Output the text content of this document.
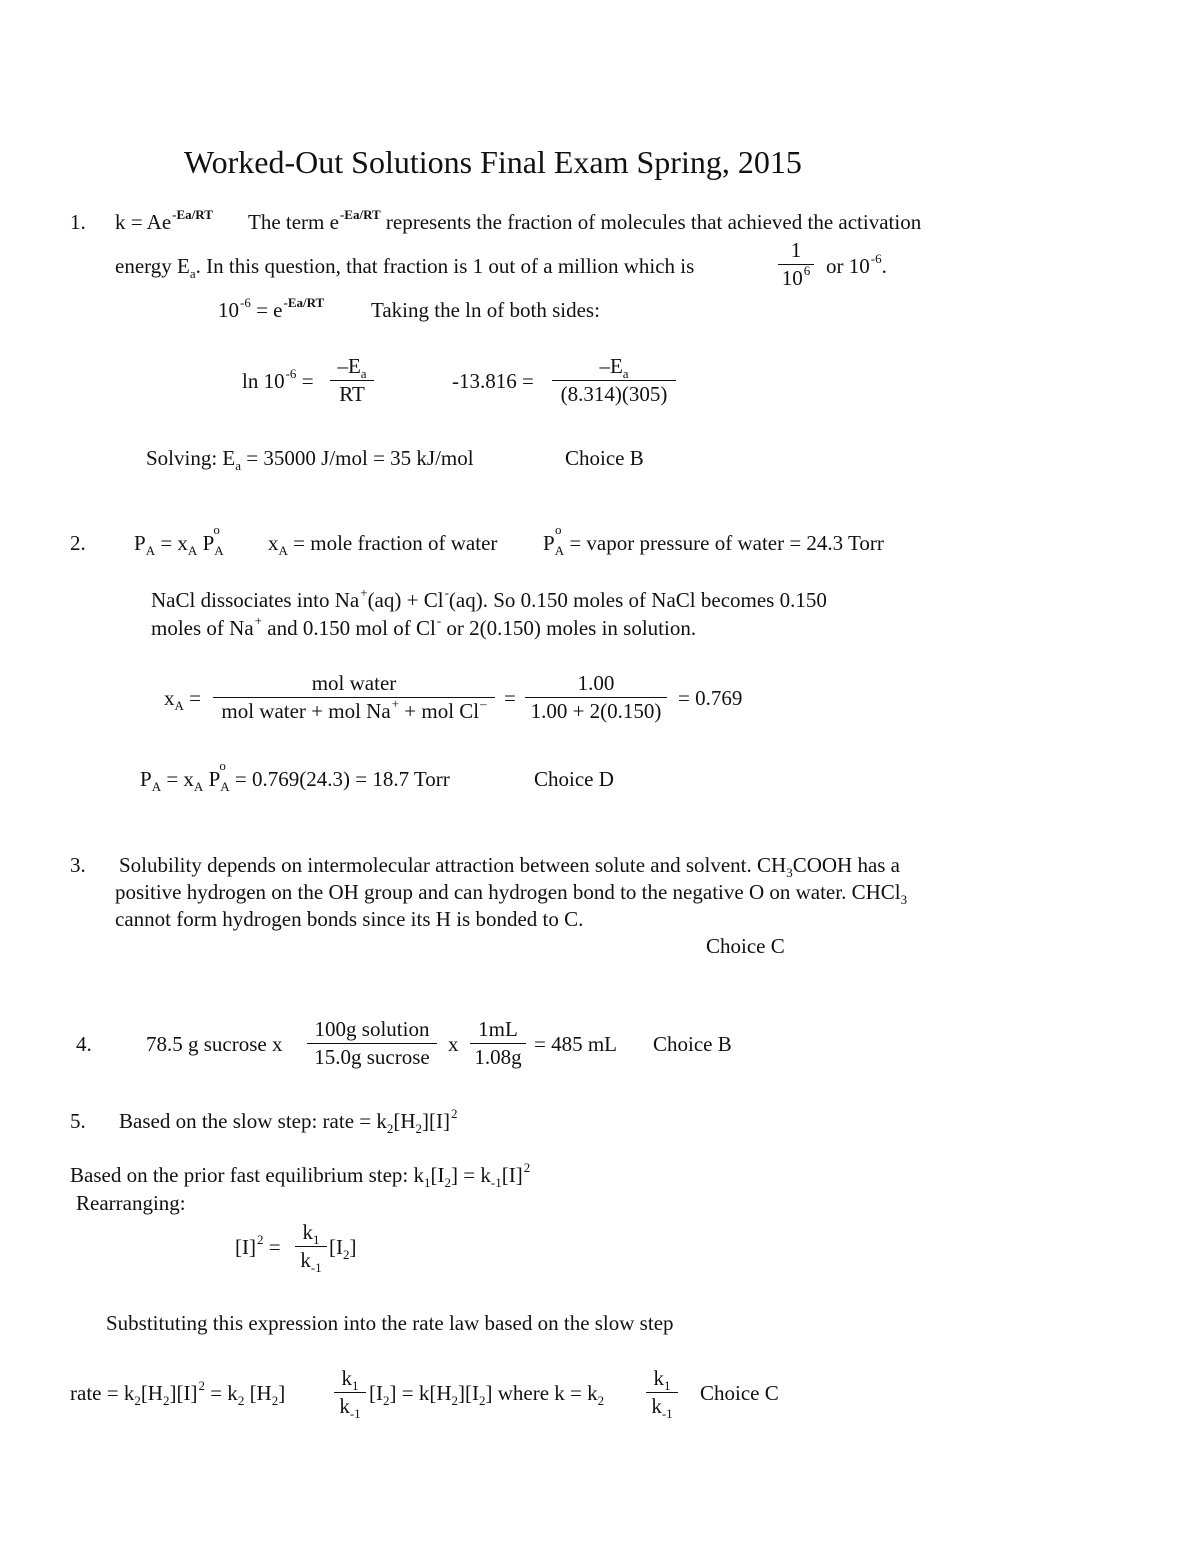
Worked-Out Solutions Final Exam Spring, 2015
1. $k = Ae^{-Ea/RT}$ The term $e^{-Ea/RT}$ represents the fraction of molecules that achieved the activation
energy $E_a$. In this question, that fraction is 1 out of a million which is	$\frac{1}{10^6}$ or $10^{-6}$.
$10^{-6} = e^{-Ea/RT}$ Taking the ln of both sides:
$\ln 10^{-6} = \frac{-E_a}{RT}$	$-13.816 = \frac{-E_a}{(8.314)(305)}$
Solving: $E_a = 35000$ J/mol = 35 kJ/mol	Choice B
2. $P_A = x_A$ P
o
$_A$ $x_A$ = mole fraction of water P
o
$_A$ = vapor pressure of water = 24.3 Torr
NaCl dissociates into Na+(aq) + Cl-(aq). So 0.150 moles of NaCl becomes 0.150
moles of Na+ and 0.150 mol of Cl- or 2(0.150) moles in solution.
$x_A$ =
mol water
mol water + mol Na+ + mol $Cl^- = \frac{1.00}{1.00 + 2(0.150)} = 0.769$
$P_A = x_A$ P
o
$_A$ = 0.769(24.3) = 18.7 Torr	Choice D
3. Solubility depends on intermolecular attraction between solute and solvent. $CH_3COOH$ has a
positive hydrogen on the OH group and can hydrogen bond to the negative O on water. CHCl$_3$
cannot form hydrogen bonds since its H is bonded to C.
Choice C
4.	78.5 g sucrose x
100g solution
15.0g sucrose
x $\frac{1mL}{1.08g} = 485$ mL Choice B
5. Based on the slow step: rate = $k_2[H_2][I]^2$
Based on the prior fast equilibrium step: $k_1[I_2] = k_{-1}[I]^2$
Rearranging:
$[I]^2 = \frac{k_1}{k_{-1}} [I_2]$
Substituting this expression into the rate law based on the slow step
rate = $k_2[H_2][I]^2 = k_2$ $[H_2] \frac{k_1}{k_{-1}} [I_2] = k[H_2][I_2]$ where $k = k_2 \frac{k_1}{k_{-1}}$ Choice C
